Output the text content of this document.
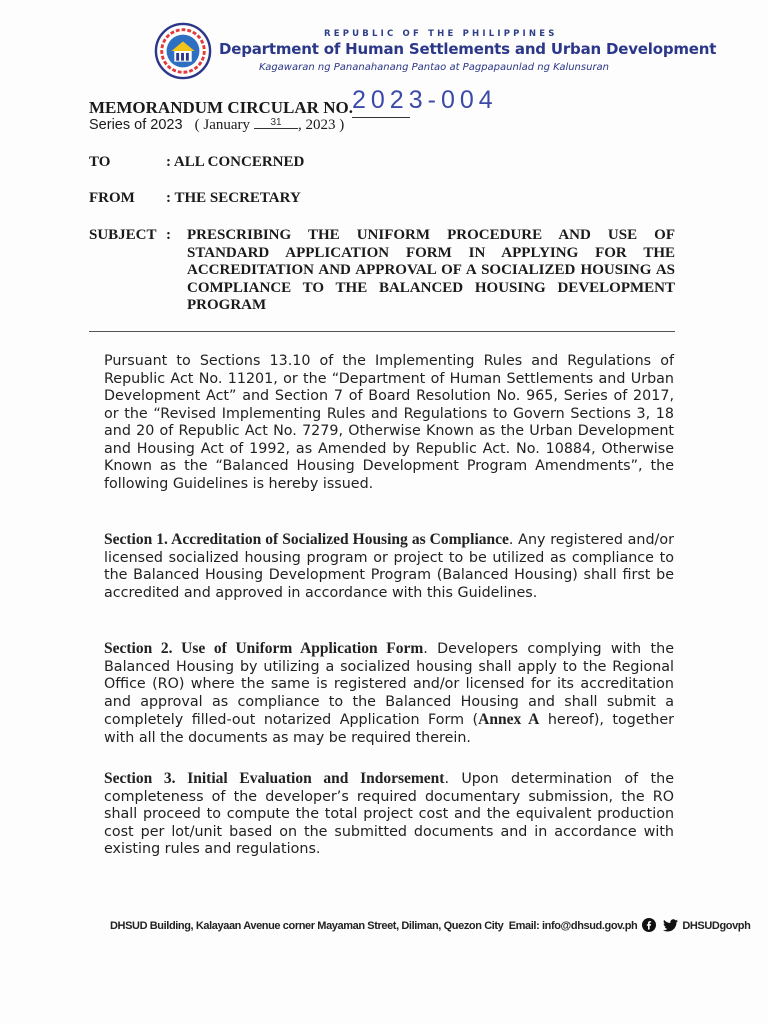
REPUBLIC OF THE PHILIPPINES
Department of Human Settlements and Urban Development
Kagawaran ng Pananahanang Pantao at Pagpapaunlad ng Kalunsuran
MEMORANDUM CIRCULAR NO. 2023-004
Series of 2023 ( January 31 , 2023 )
TO	: ALL CONCERNED
FROM : THE SECRETARY
SUBJECT : PRESCRIBING THE UNIFORM PROCEDURE AND USE OF STANDARD APPLICATION FORM IN APPLYING FOR THE ACCREDITATION AND APPROVAL OF A SOCIALIZED HOUSING AS COMPLIANCE TO THE BALANCED HOUSING DEVELOPMENT PROGRAM
Pursuant to Sections 13.10 of the Implementing Rules and Regulations of Republic Act No. 11201, or the “Department of Human Settlements and Urban Development Act” and Section 7 of Board Resolution No. 965, Series of 2017, or the “Revised Implementing Rules and Regulations to Govern Sections 3, 18 and 20 of Republic Act No. 7279, Otherwise Known as the Urban Development and Housing Act of 1992, as Amended by Republic Act. No. 10884, Otherwise Known as the “Balanced Housing Development Program Amendments”, the following Guidelines is hereby issued.
Section 1. Accreditation of Socialized Housing as Compliance. Any registered and/or licensed socialized housing program or project to be utilized as compliance to the Balanced Housing Development Program (Balanced Housing) shall first be accredited and approved in accordance with this Guidelines.
Section 2. Use of Uniform Application Form. Developers complying with the Balanced Housing by utilizing a socialized housing shall apply to the Regional Office (RO) where the same is registered and/or licensed for its accreditation and approval as compliance to the Balanced Housing and shall submit a completely filled-out notarized Application Form (Annex A hereof), together with all the documents as may be required therein.
Section 3. Initial Evaluation and Indorsement. Upon determination of the completeness of the developer’s required documentary submission, the RO shall proceed to compute the total project cost and the equivalent production cost per lot/unit based on the submitted documents and in accordance with existing rules and regulations.
DHSUD Building, Kalayaan Avenue corner Mayaman Street, Diliman, Quezon City Email: info@dhsud.gov.ph	DHSUDgovph
